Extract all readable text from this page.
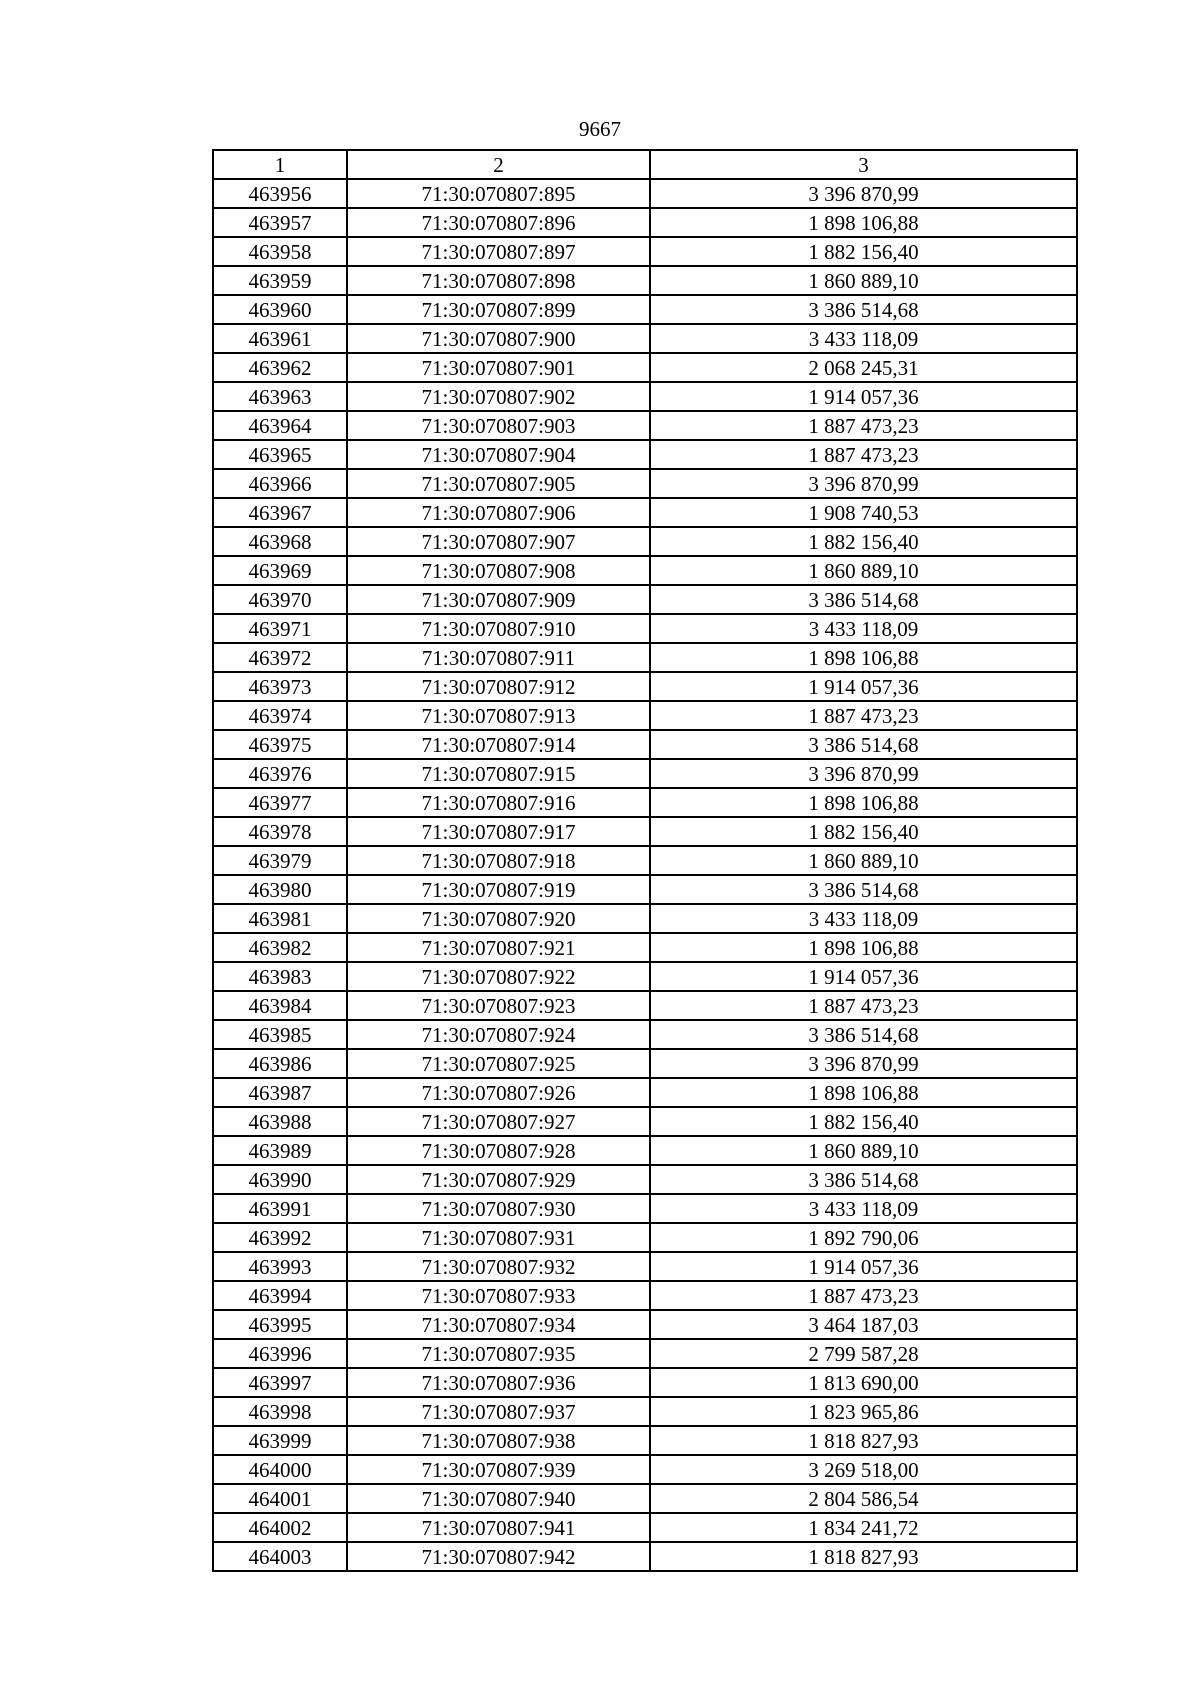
9667
1	2	3
463956	71:30:070807:895	3 396 870,99
463957	71:30:070807:896	1 898 106,88
463958	71:30:070807:897	1 882 156,40
463959	71:30:070807:898	1 860 889,10
463960	71:30:070807:899	3 386 514,68
463961	71:30:070807:900	3 433 118,09
463962	71:30:070807:901	2 068 245,31
463963	71:30:070807:902	1 914 057,36
463964	71:30:070807:903	1 887 473,23
463965	71:30:070807:904	1 887 473,23
463966	71:30:070807:905	3 396 870,99
463967	71:30:070807:906	1 908 740,53
463968	71:30:070807:907	1 882 156,40
463969	71:30:070807:908	1 860 889,10
463970	71:30:070807:909	3 386 514,68
463971	71:30:070807:910	3 433 118,09
463972	71:30:070807:911	1 898 106,88
463973	71:30:070807:912	1 914 057,36
463974	71:30:070807:913	1 887 473,23
463975	71:30:070807:914	3 386 514,68
463976	71:30:070807:915	3 396 870,99
463977	71:30:070807:916	1 898 106,88
463978	71:30:070807:917	1 882 156,40
463979	71:30:070807:918	1 860 889,10
463980	71:30:070807:919	3 386 514,68
463981	71:30:070807:920	3 433 118,09
463982	71:30:070807:921	1 898 106,88
463983	71:30:070807:922	1 914 057,36
463984	71:30:070807:923	1 887 473,23
463985	71:30:070807:924	3 386 514,68
463986	71:30:070807:925	3 396 870,99
463987	71:30:070807:926	1 898 106,88
463988	71:30:070807:927	1 882 156,40
463989	71:30:070807:928	1 860 889,10
463990	71:30:070807:929	3 386 514,68
463991	71:30:070807:930	3 433 118,09
463992	71:30:070807:931	1 892 790,06
463993	71:30:070807:932	1 914 057,36
463994	71:30:070807:933	1 887 473,23
463995	71:30:070807:934	3 464 187,03
463996	71:30:070807:935	2 799 587,28
463997	71:30:070807:936	1 813 690,00
463998	71:30:070807:937	1 823 965,86
463999	71:30:070807:938	1 818 827,93
464000	71:30:070807:939	3 269 518,00
464001	71:30:070807:940	2 804 586,54
464002	71:30:070807:941	1 834 241,72
464003	71:30:070807:942	1 818 827,93
